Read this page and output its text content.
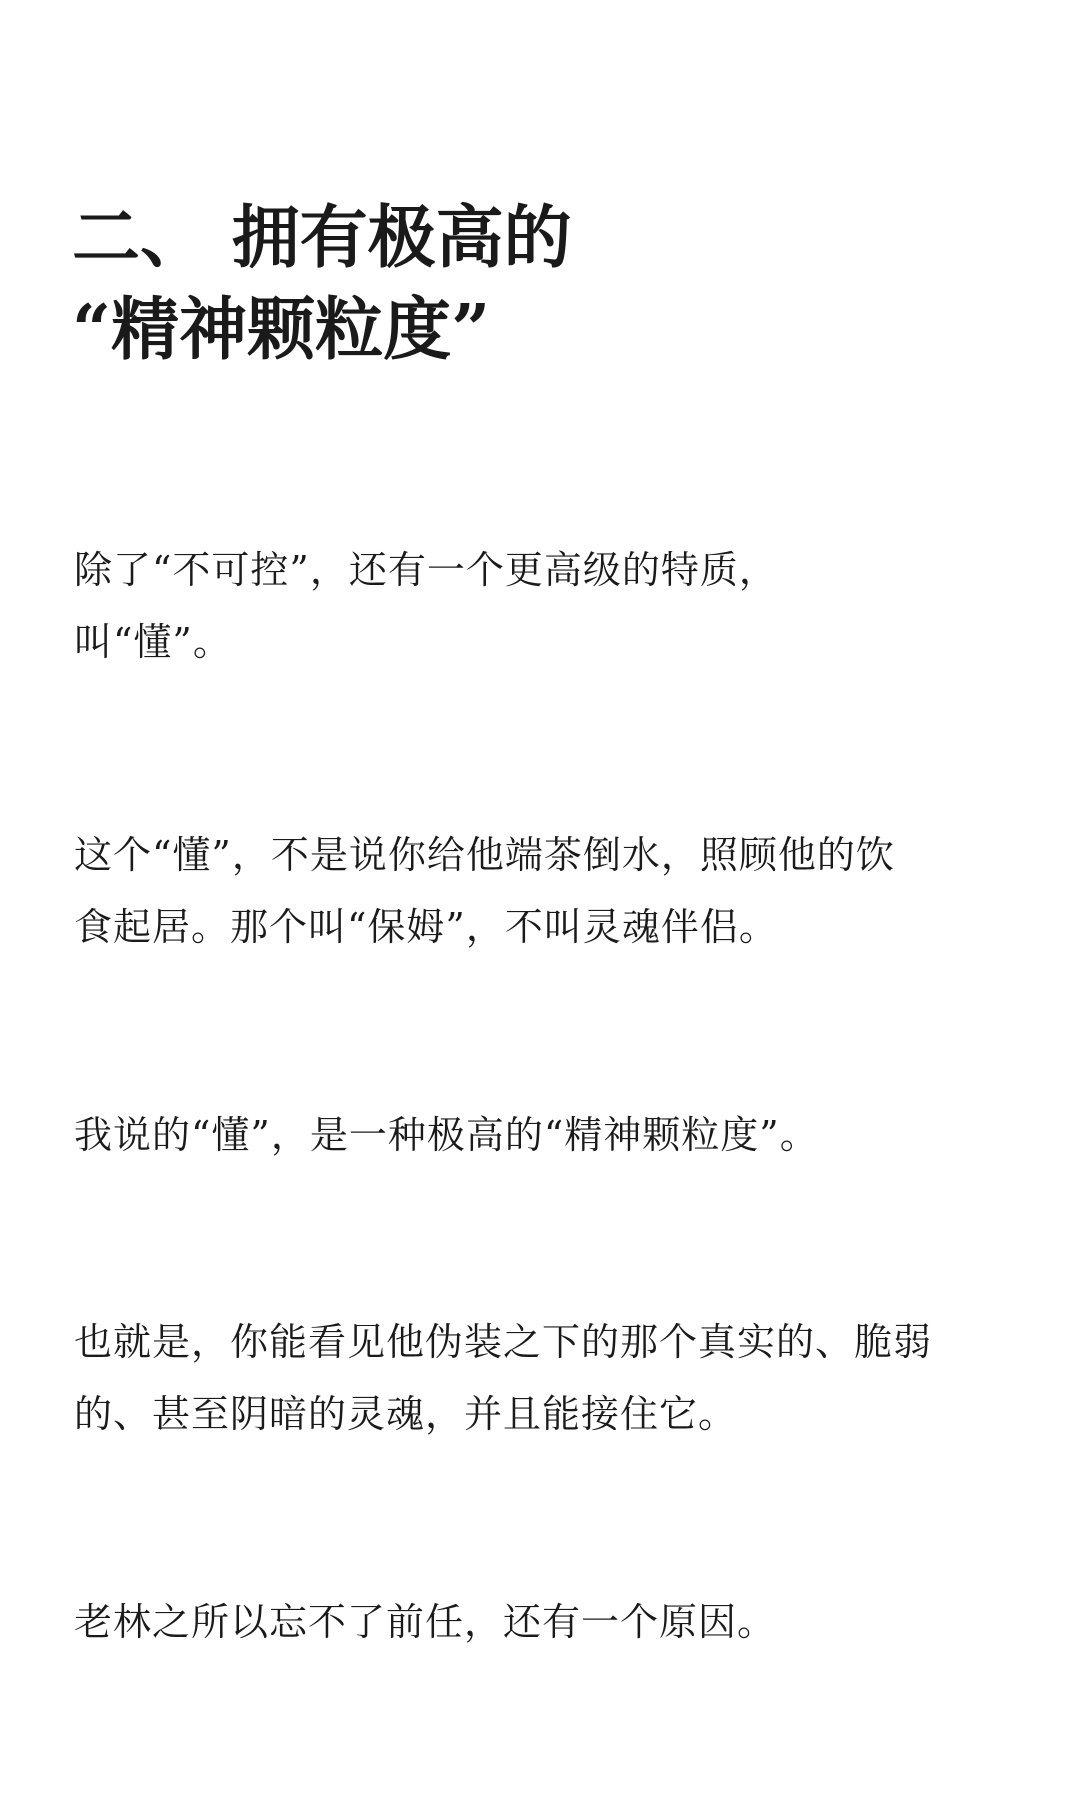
二、 拥有极高的
“精神颗粒度”
除了“不可控”，还有一个更高级的特质，
叫“懂”。
这个“懂”，不是说你给他端茶倒水，照顾他的饮
食起居。那个叫“保姆”，不叫灵魂伴侣。
我说的“懂”，是一种极高的“精神颗粒度”。
也就是，你能看见他伪装之下的那个真实的、脆弱
的、甚至阴暗的灵魂，并且能接住它。
老林之所以忘不了前任，还有一个原因。
